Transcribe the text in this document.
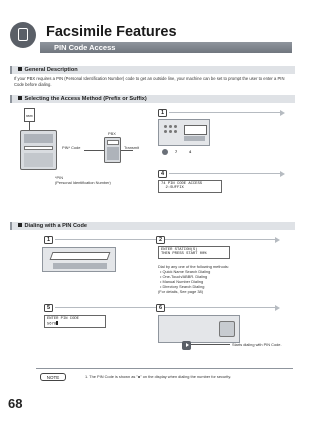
Facsimile Features
PIN Code Access
General Description
If your PBX requires a PIN (Personal Identification Number) code to get an outside line, your machine can be set to prompt the user to enter a PIN Code before dialing.
Selecting the Access Method (Prefix or Suffix)
8888
PIN* Code
PBX
Transmit
*PIN
(Personal Identification Number)
1
7	4
4
74 PIN CODE ACCESS
2:SUFFIX
Dialing with a PIN Code
1	2
ENTER STATION(S)
THEN PRESS START 00%
Dial by any one of the following methods:
• Quick Name Search Dialing
• One-Touch/ABBR. Dialing
• Manual Number Dialing
• Directory Search Dialing
(For details, See page 38)
5
ENTER PIN CODE
5678
6
Starts dialing with PIN Code.
NOTE	1. The PIN Code is shown as "∎" on the display when dialing the number for security.
68
